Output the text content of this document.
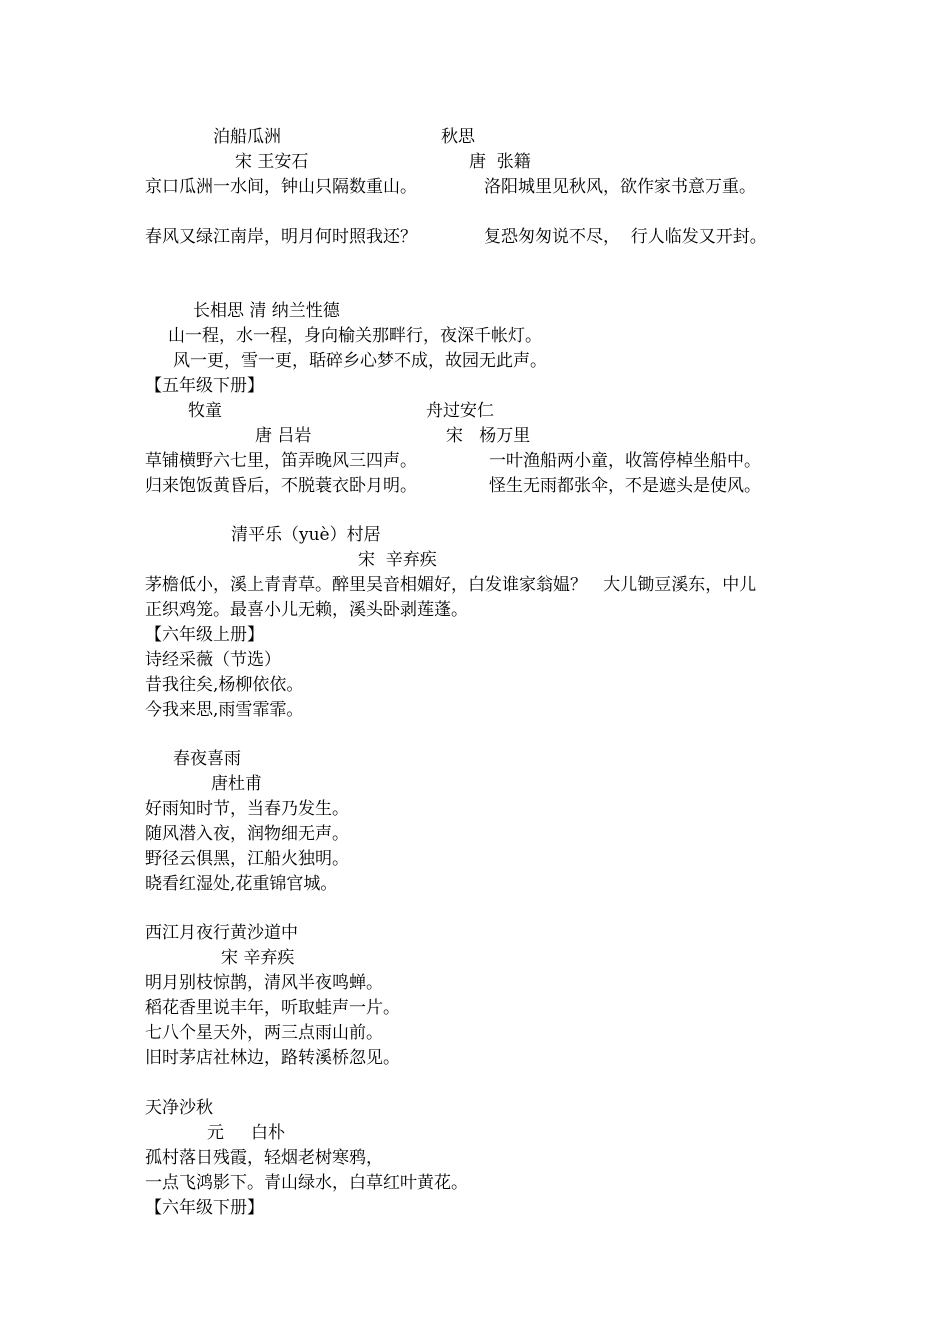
泊船瓜洲	秋思

宋 王安石	唐  张籍

京口瓜洲一水间，钟山只隔数重山。	洛阳城里见秋风，欲作家书意万重。

春风又绿江南岸，明月何时照我还？	复恐匆匆说不尽，  行人临发又开封。

长相思 清 纳兰性德

山一程，水一程，身向榆关那畔行，夜深千帐灯。

风一更，雪一更，聒碎乡心梦不成，故园无此声。

【五年级下册】

牧童	舟过安仁

唐 吕岩	宋   杨万里

草铺横野六七里，笛弄晚风三四声。	一叶渔船两小童，收篙停棹坐船中。

归来饱饭黄昏后，不脱蓑衣卧月明。	怪生无雨都张伞，不是遮头是使风。

清平乐（yuè）村居

宋  辛弃疾

茅檐低小，溪上青青草。醉里吴音相媚好，白发谁家翁媪？   大儿锄豆溪东，中儿

正织鸡笼。最喜小儿无赖，溪头卧剥莲蓬。

【六年级上册】

诗经采薇（节选）

昔我往矣,杨柳依依。

今我来思,雨雪霏霏。

春夜喜雨

唐杜甫

好雨知时节，当春乃发生。

随风潜入夜，润物细无声。

野径云俱黑，江船火独明。

晓看红湿处,花重锦官城。

西江月夜行黄沙道中

宋 辛弃疾

明月别枝惊鹊，清风半夜鸣蝉。

稻花香里说丰年，听取蛙声一片。

七八个星天外，两三点雨山前。

旧时茅店社林边，路转溪桥忽见。

天净沙秋

元     白朴

孤村落日残霞，轻烟老树寒鸦，

一点飞鸿影下。青山绿水，白草红叶黄花。

【六年级下册】
